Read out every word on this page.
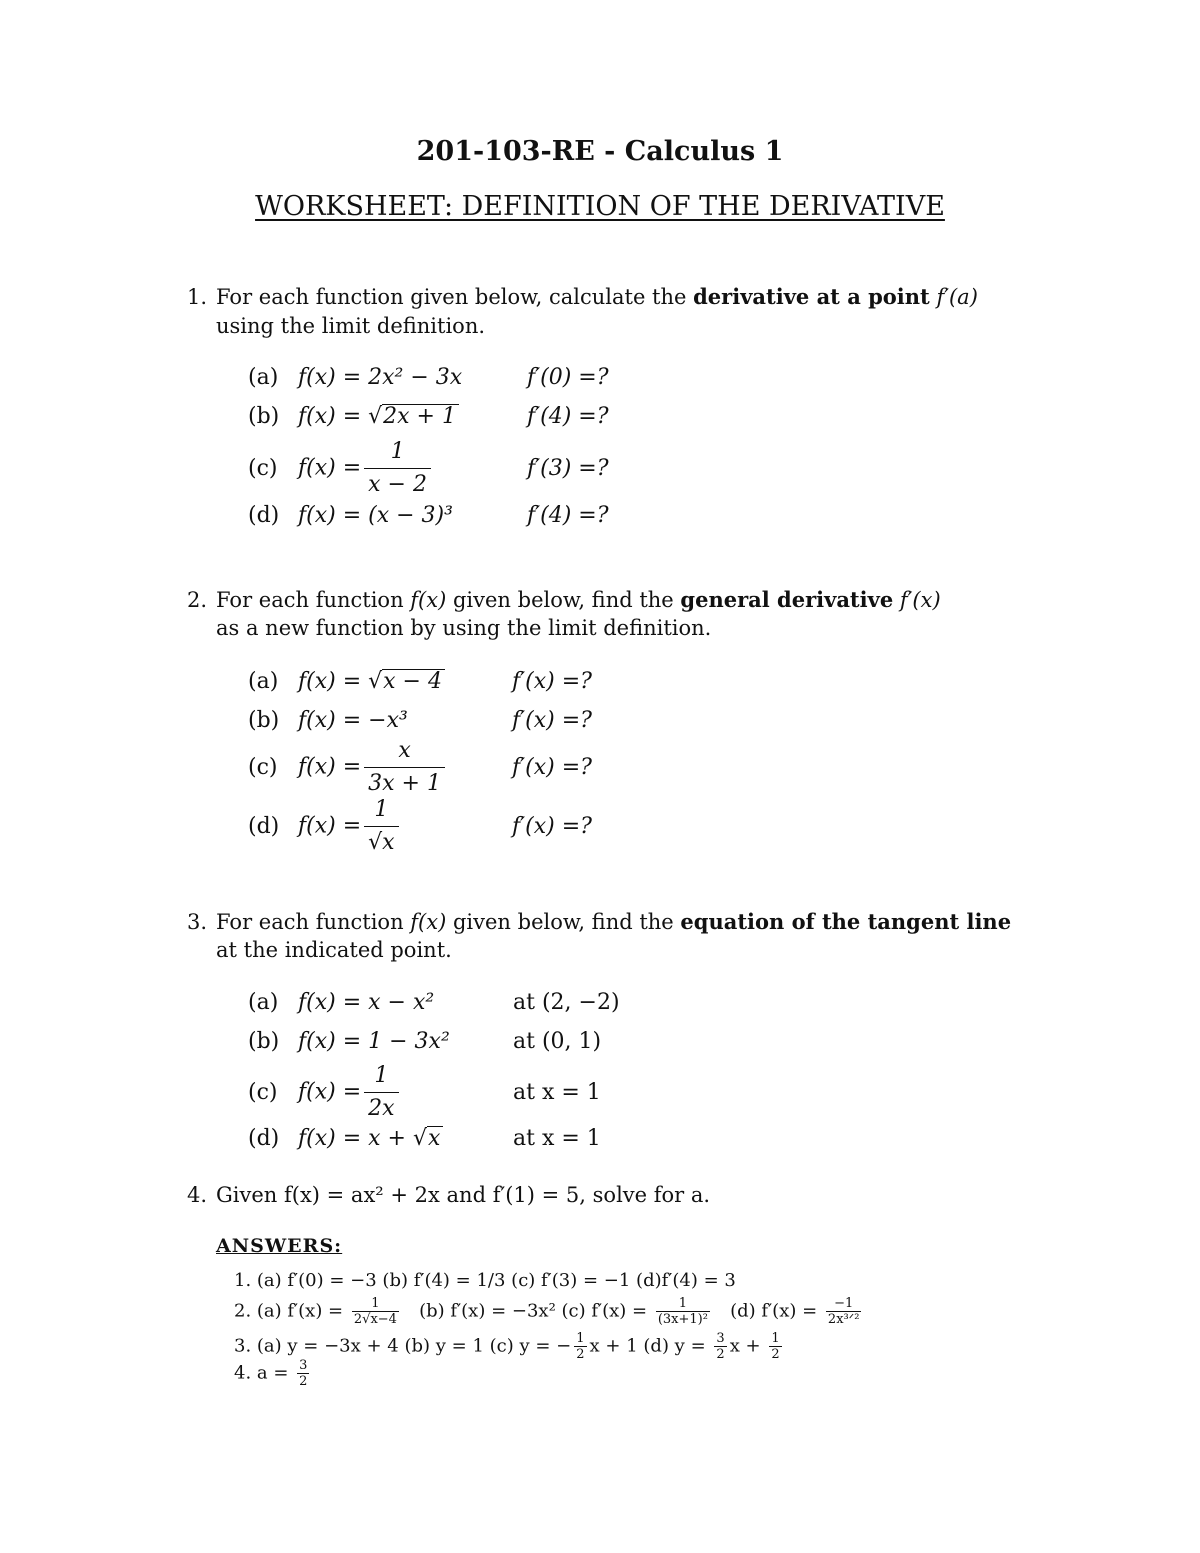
201-103-RE - Calculus 1
WORKSHEET: DEFINITION OF THE DERIVATIVE
1. For each function given below, calculate the derivative at a point f′(a)
using the limit definition.
(a) f(x) = 2x² − 3x	f′(0) =?
(b) f(x) = √2x + 1	f′(4) =?
(c) $f(x) = \frac{1}{x - 2}$	f′(3) =?
(d) f(x) = (x − 3)³	f′(4) =?
2. For each function f(x) given below, find the general derivative f′(x)
as a new function by using the limit definition.
(a) f(x) = √x − 4	f′(x) =?
(b) f(x) = −x³	f′(x) =?
(c) $f(x) = \frac{x}{3x + 1}$	f′(x) =?
(d) $f(x) = \frac{1}{√x}$	f′(x) =?
3. For each function f(x) given below, find the equation of the tangent line
at the indicated point.
(a) f(x) = x − x²	at (2, −2)
(b) f(x) = 1 − 3x²	at (0, 1)
(c) $f(x) = \frac{1}{2x}$	at x = 1
(d) f(x) = x + √x	at x = 1
4. Given f(x) = ax² + 2x and f′(1) = 5, solve for a.
ANSWERS:
1. (a) f′(0) = −3 (b) f′(4) = 1/3 (c) f′(3) = −1 (d)f′(4) = 3
2. (a) $f'(x) = \frac{1}{2√x-4} (b) f'(x) = -3x^2$ (c) $f'(x) = \frac{1}{\text{(3x+1)²}} (d) f'(x) = \frac{-1}{\text{2x³ᐟ²}}$
3. (a) y = −3x + 4 (b) y = 1 (c) y = − $\frac{1}{2}$ x + 1 (d) $y = \frac{3}{2}$ $x + \frac{1}{2}$
4. $a = \frac{3}{2}$
